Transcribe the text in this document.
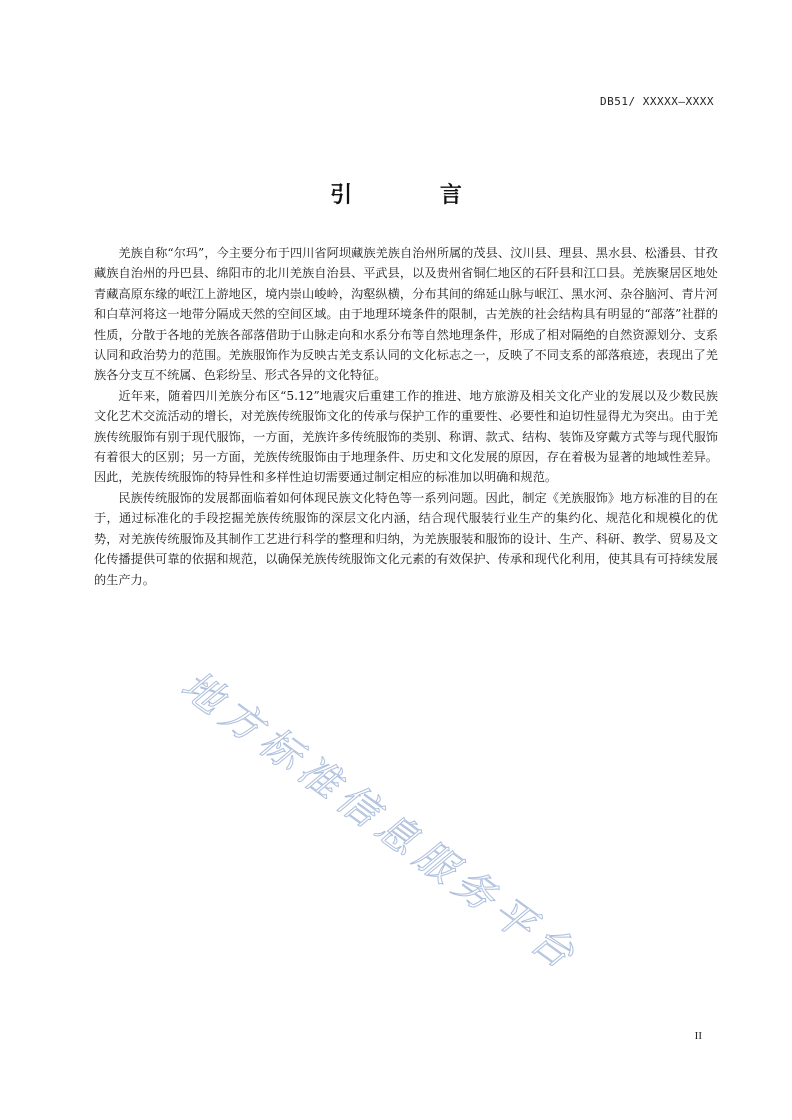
DB51/ XXXXX—XXXX
引 言

羌族自称“尔玛”，今主要分布于四川省阿坝藏族羌族自治州所属的茂县、汶川县、理县、黑水县、松潘县、甘孜藏族自治州的丹巴县、绵阳市的北川羌族自治县、平武县，以及贵州省铜仁地区的石阡县和江口县。羌族聚居区地处青藏高原东缘的岷江上游地区，境内崇山峻岭，沟壑纵横，分布其间的绵延山脉与岷江、黑水河、杂谷脑河、青片河和白草河将这一地带分隔成天然的空间区域。由于地理环境条件的限制，古羌族的社会结构具有明显的“部落”社群的性质，分散于各地的羌族各部落借助于山脉走向和水系分布等自然地理条件，形成了相对隔绝的自然资源划分、支系认同和政治势力的范围。羌族服饰作为反映古羌支系认同的文化标志之一，反映了不同支系的部落痕迹，表现出了羌族各分支互不统属、色彩纷呈、形式各异的文化特征。

近年来，随着四川羌族分布区“5.12”地震灾后重建工作的推进、地方旅游及相关文化产业的发展以及少数民族文化艺术交流活动的增长，对羌族传统服饰文化的传承与保护工作的重要性、必要性和迫切性显得尤为突出。由于羌族传统服饰有别于现代服饰，一方面，羌族许多传统服饰的类别、称谓、款式、结构、装饰及穿戴方式等与现代服饰有着很大的区别；另一方面，羌族传统服饰由于地理条件、历史和文化发展的原因，存在着极为显著的地域性差异。因此，羌族传统服饰的特异性和多样性迫切需要通过制定相应的标准加以明确和规范。

民族传统服饰的发展都面临着如何体现民族文化特色等一系列问题。因此，制定《羌族服饰》地方标准的目的在于，通过标准化的手段挖掘羌族传统服饰的深层文化内涵，结合现代服装行业生产的集约化、规范化和规模化的优势，对羌族传统服饰及其制作工艺进行科学的整理和归纳，为羌族服装和服饰的设计、生产、科研、教学、贸易及文化传播提供可靠的依据和规范，以确保羌族传统服饰文化元素的有效保护、传承和现代化利用，使其具有可持续发展的生产力。

地方标准信息服务平台
II
